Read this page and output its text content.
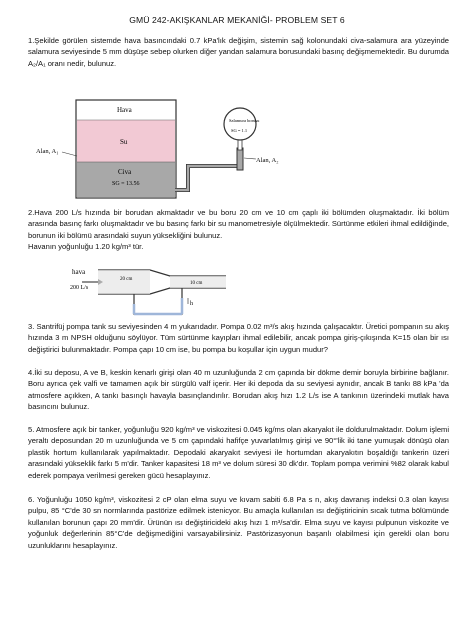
GMÜ 242-AKIŞKANLAR MEKANİĞİ- PROBLEM SET 6

1.Şekilde görülen sistemde hava basıncındaki 0.7 kPa'lık değişim, sistemin sağ kolonundaki civa-salamura ara yüzeyinde salamura seviyesinde 5 mm düşüşe sebep olurken diğer yandan salamura borusundaki basınç değişmemektedir. Bu durumda A₂/A₁ oranı nedir, bulunuz.

Hava
Su
Civa
SG = 13.56
Alan, A₁
Salamura borusu
SG = 1.1
Alan, A₂

2.Hava 200 L/s hızında bir borudan akmaktadır ve bu boru 20 cm ve 10 cm çaplı iki bölümden oluşmaktadır. İki bölüm arasında basınç farkı oluşmaktadır ve bu basınç farkı bir su manometresiyle ölçülmektedir. Sürtünme etkileri ihmal edildiğinde, borunun iki bölümü arasındaki suyun yüksekliğini bulunuz.

Havanın yoğunluğu 1.20 kg/m³ tür.

hava
200 L/s
20 cm
10 cm
h

3. Santrifüj pompa tank su seviyesinden 4 m yukarıdadır. Pompa 0.02 m³/s akış hızında çalışacaktır. Üretici pompanın su akış hızında 3 m NPSH olduğunu söylüyor. Tüm sürtünme kayıpları ihmal edilebilir, ancak pompa giriş-çıkışında K=15 olan bir ısı değiştirici bulunmaktadır. Pompa çapı 10 cm ise, bu pompa bu koşullar için uygun mudur?

4.İki su deposu, A ve B, keskin kenarlı girişi olan 40 m uzunluğunda 2 cm çapında bir dökme demir boruyla birbirine bağlanır. Boru ayrıca çek valfi ve tamamen açık bir sürgülü valf içerir. Her iki depoda da su seviyesi aynıdır, ancak B tankı 88 kPa 'da atmosfere açıkken, A tankı basınçlı havayla basınçlandırılır. Borudan akış hızı 1.2 L/s ise A tankının üzerindeki mutlak hava basıncını bulunuz.

5. Atmosfere açık bir tanker, yoğunluğu 920 kg/m³ ve viskozitesi 0.045 kg/ms olan akaryakıt ile doldurulmaktadır. Dolum işlemi yeraltı deposundan 20 m uzunluğunda ve 5 cm çapındaki hafifçe yuvarlatılmış girişi ve 90°'lik iki tane yumuşak dönüşü olan plastik hortum kullanılarak yapılmaktadır. Depodaki akaryakıt seviyesi ile hortumdan akaryakıtın boşaldığı tankerin üzeri arasındaki yükseklik farkı 5 m'dir. Tanker kapasitesi 18 m³ ve dolum süresi 30 dk'dır. Toplam pompa verimini %82 olarak kabul ederek pompaya verilmesi gereken gücü hesaplayınız.

6. Yoğunluğu 1050 kg/m³, viskozitesi 2 cP olan elma suyu ve kıvam sabiti 6.8 Pa s n, akış davranış indeksi 0.3 olan kayısı pulpu, 85 °C'de 30 sn normlarında pastörize edilmek istenicyor. Bu amaçla kullanılan ısı değiştiricinin sıcak tutma bölümünde kullanılan borunun çapı 20 mm'dir. Ürünün ısı değiştiricideki akış hızı 1 m³/sa'dir. Elma suyu ve kayısı pulpunun viskozite ve yoğunluk değerlerinin 85°C'de değişmediğini varsayabilirsiniz. Pastörizasyonun başarılı olabilmesi için gerekli olan boru uzunluklarını hesaplayınız.
